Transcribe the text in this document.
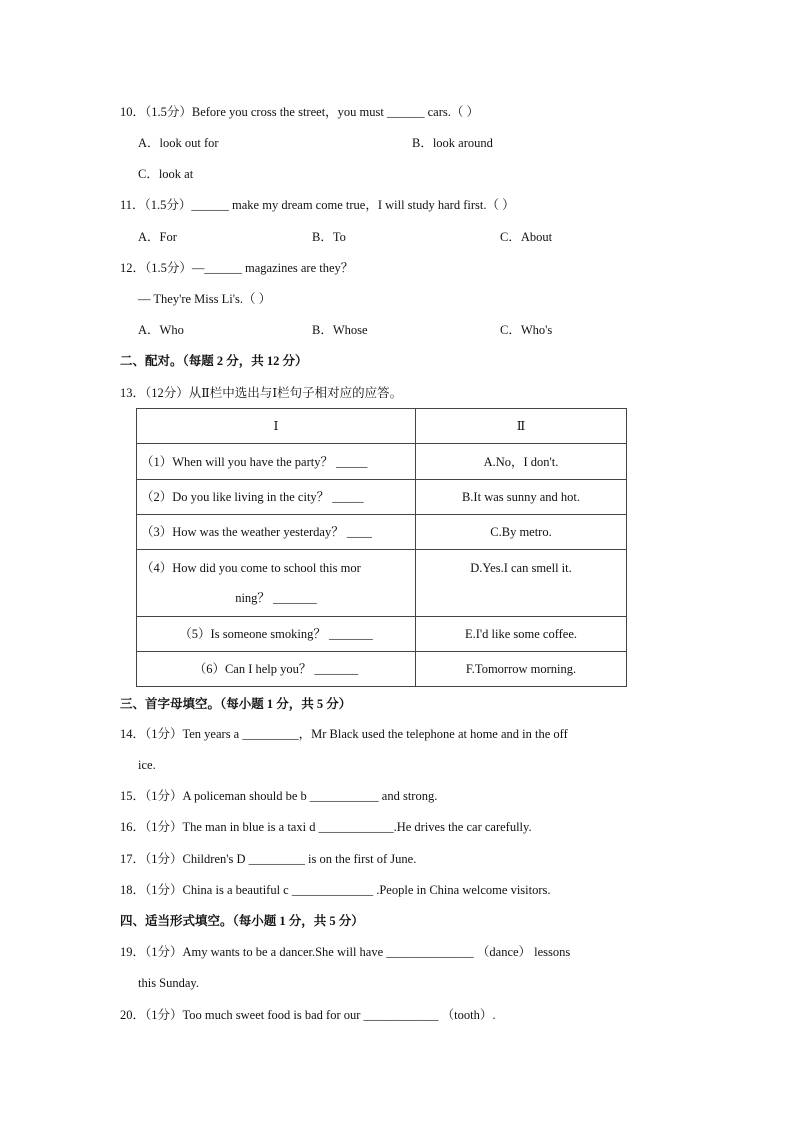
10．（1.5分）Before you cross the street，you must ______ cars.（ ）
A．look out for	B．look around
C．look at
11．（1.5分）______ make my dream come true，I will study hard first.（ ）
A．For	B．To	C．About
12．（1.5分）—______ magazines are they？
— They're Miss Li's.（ ）
A．Who	B．Whose	C．Who's
二、配对。（每题 2 分，共 12 分）
13．（12分）从Ⅱ栏中选出与Ⅰ栏句子相对应的应答。
Ⅰ	Ⅱ
（1）When will you have the party？ _____	A.No，I don't.
（2）Do you like living in the city？ _____	B.It was sunny and hot.
（3）How was the weather yesterday？ ____	C.By metro.
（4）How did you come to school this mor
ning？ _______	D.Yes.I can smell it.
（5）Is someone smoking？ _______	E.I'd like some coffee.
（6）Can I help you？ _______	F.Tomorrow morning.
三、首字母填空。（每小题 1 分，共 5 分）
14．（1分）Ten years a _________，Mr Black used the telephone at home and in the off
ice.
15．（1分）A policeman should be b ___________ and strong.
16．（1分）The man in blue is a taxi d ____________.He drives the car carefully.
17．（1分）Children's D _________ is on the first of June.
18．（1分）China is a beautiful c _____________ .People in China welcome visitors.
四、适当形式填空。（每小题 1 分，共 5 分）
19．（1分）Amy wants to be a dancer.She will have ______________ （dance） lessons
this Sunday.
20．（1分）Too much sweet food is bad for our ____________ （tooth）.
